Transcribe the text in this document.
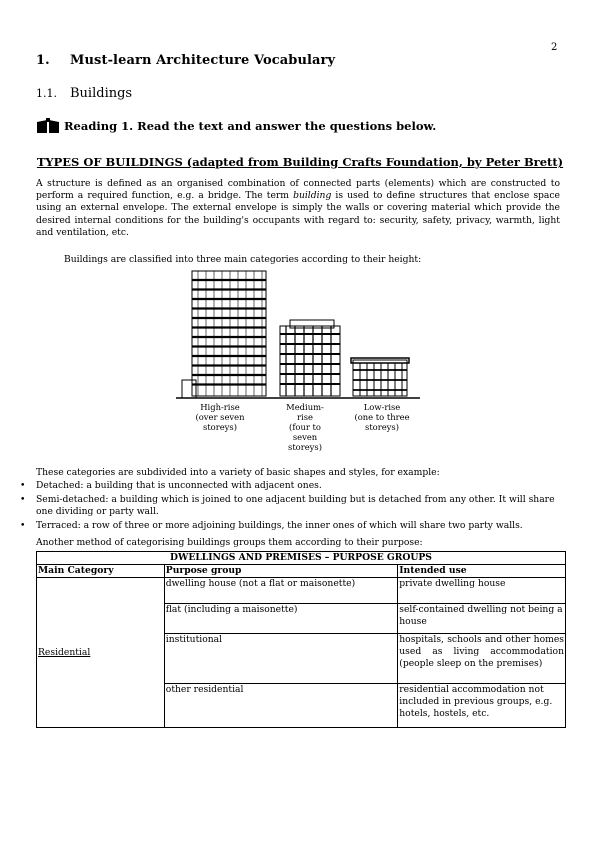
2
1. Must-learn Architecture Vocabulary
1.1. Buildings
Reading 1. Read the text and answer the questions below.
TYPES OF BUILDINGS (adapted from Building Crafts Foundation, by Peter Brett)
A structure is defined as an organised combination of connected parts (elements) which are constructed to perform a required function, e.g. a bridge. The term building is used to define structures that enclose space using an external envelope. The external envelope is simply the walls or covering material which provide the desired internal conditions for the building's occupants with regard to: security, safety, privacy, warmth, light and ventilation, etc.
Buildings are classified into three main categories according to their height:
High-rise
(over seven
storeys)
Medium-
rise
(four to
seven
storeys)
Low-rise
(one to three
storeys)
These categories are subdivided into a variety of basic shapes and styles, for example:
• Detached: a building that is unconnected with adjacent ones.
• Semi-detached: a building which is joined to one adjacent building but is detached from any other. It will share one dividing or party wall.
• Terraced: a row of three or more adjoining buildings, the inner ones of which will share two party walls.
Another method of categorising buildings groups them according to their purpose:
DWELLINGS AND PREMISES – PURPOSE GROUPS		
Main Category	Purpose group	Intended use
Residential	dwelling house (not a flat or maisonette)	private dwelling house
	flat (including a maisonette)	self-contained dwelling not being a house
	institutional	hospitals, schools and other homes used as living accommodation (people sleep on the premises)
	other residential	residential accommodation not included in previous groups, e.g. hotels, hostels, etc.
